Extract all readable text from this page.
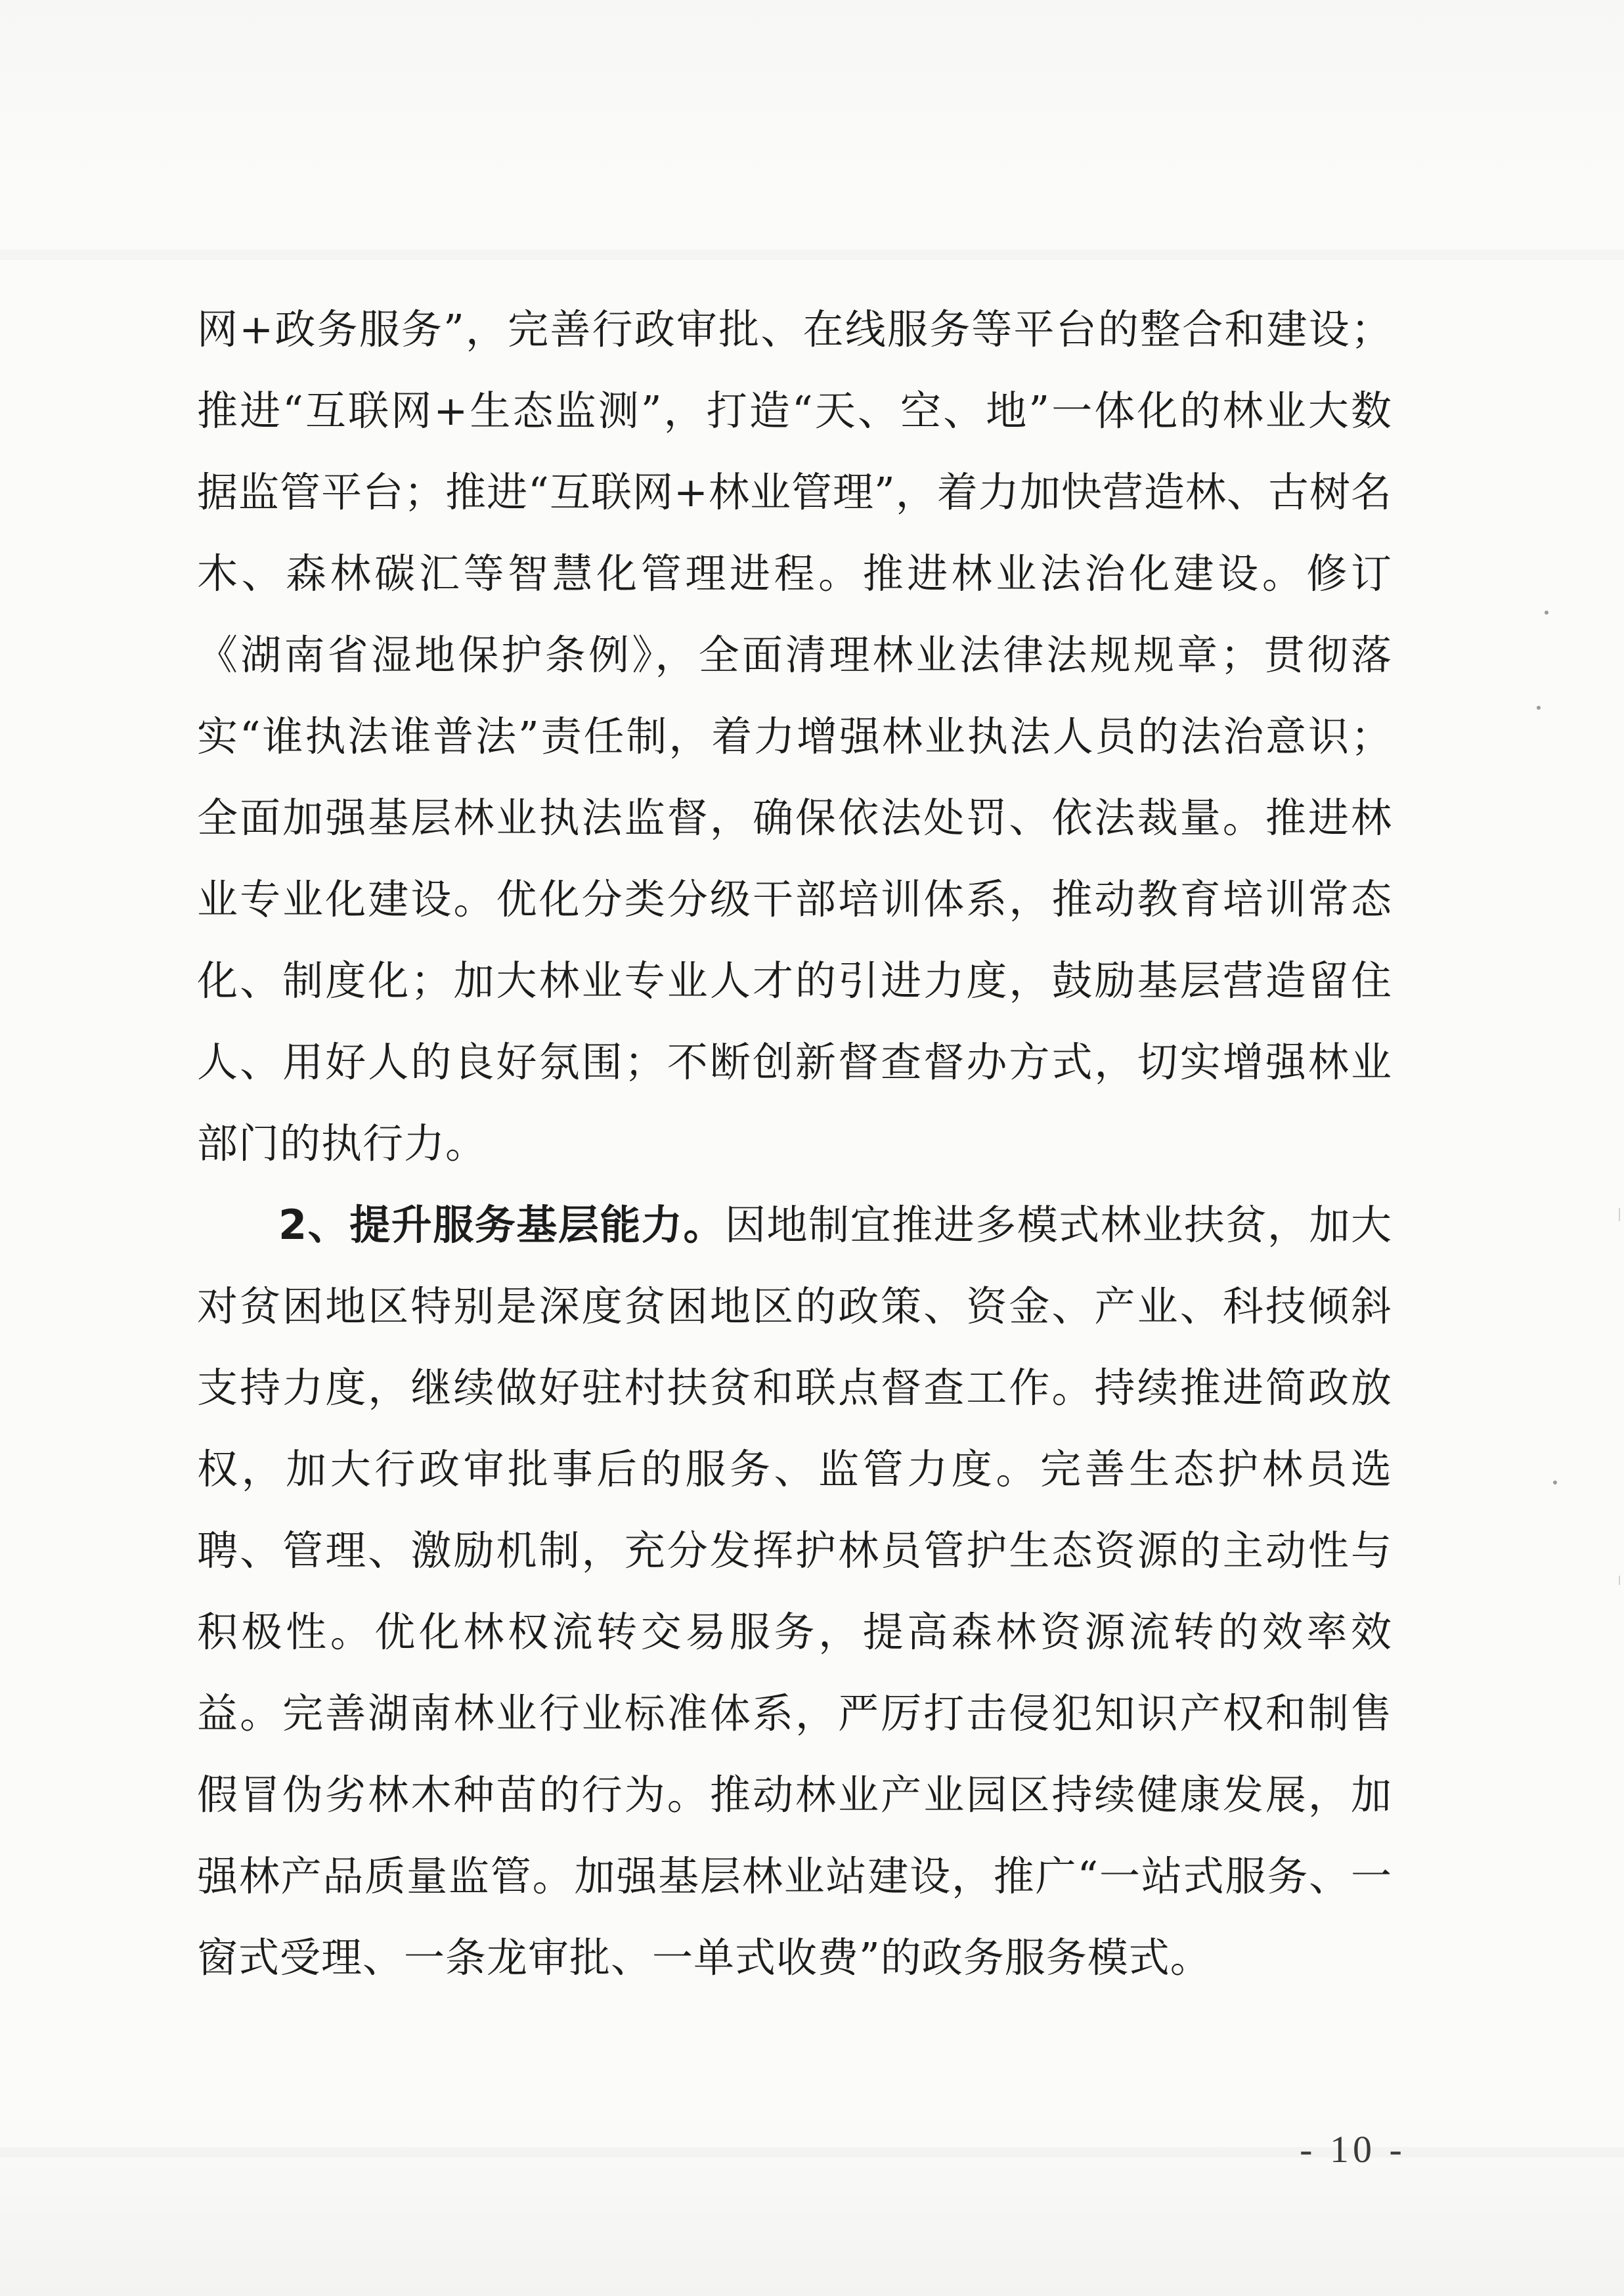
网+政务服务”，完善行政审批、在线服务等平台的整合和建设；推进“互联网+生态监测”，打造“天、空、地”一体化的林业大数据监管平台；推进“互联网+林业管理”，着力加快营造林、古树名木、森林碳汇等智慧化管理进程。推进林业法治化建设。修订《湖南省湿地保护条例》，全面清理林业法律法规规章；贯彻落实“谁执法谁普法”责任制，着力增强林业执法人员的法治意识；全面加强基层林业执法监督，确保依法处罚、依法裁量。推进林业专业化建设。优化分类分级干部培训体系，推动教育培训常态化、制度化；加大林业专业人才的引进力度，鼓励基层营造留住人、用好人的良好氛围；不断创新督查督办方式，切实增强林业部门的执行力。

2、提升服务基层能力。因地制宜推进多模式林业扶贫，加大对贫困地区特别是深度贫困地区的政策、资金、产业、科技倾斜支持力度，继续做好驻村扶贫和联点督查工作。持续推进简政放权，加大行政审批事后的服务、监管力度。完善生态护林员选聘、管理、激励机制，充分发挥护林员管护生态资源的主动性与积极性。优化林权流转交易服务，提高森林资源流转的效率效益。完善湖南林业行业标准体系，严厉打击侵犯知识产权和制售假冒伪劣林木种苗的行为。推动林业产业园区持续健康发展，加强林产品质量监管。加强基层林业站建设，推广“一站式服务、一窗式受理、一条龙审批、一单式收费”的政务服务模式。

- 10 -
